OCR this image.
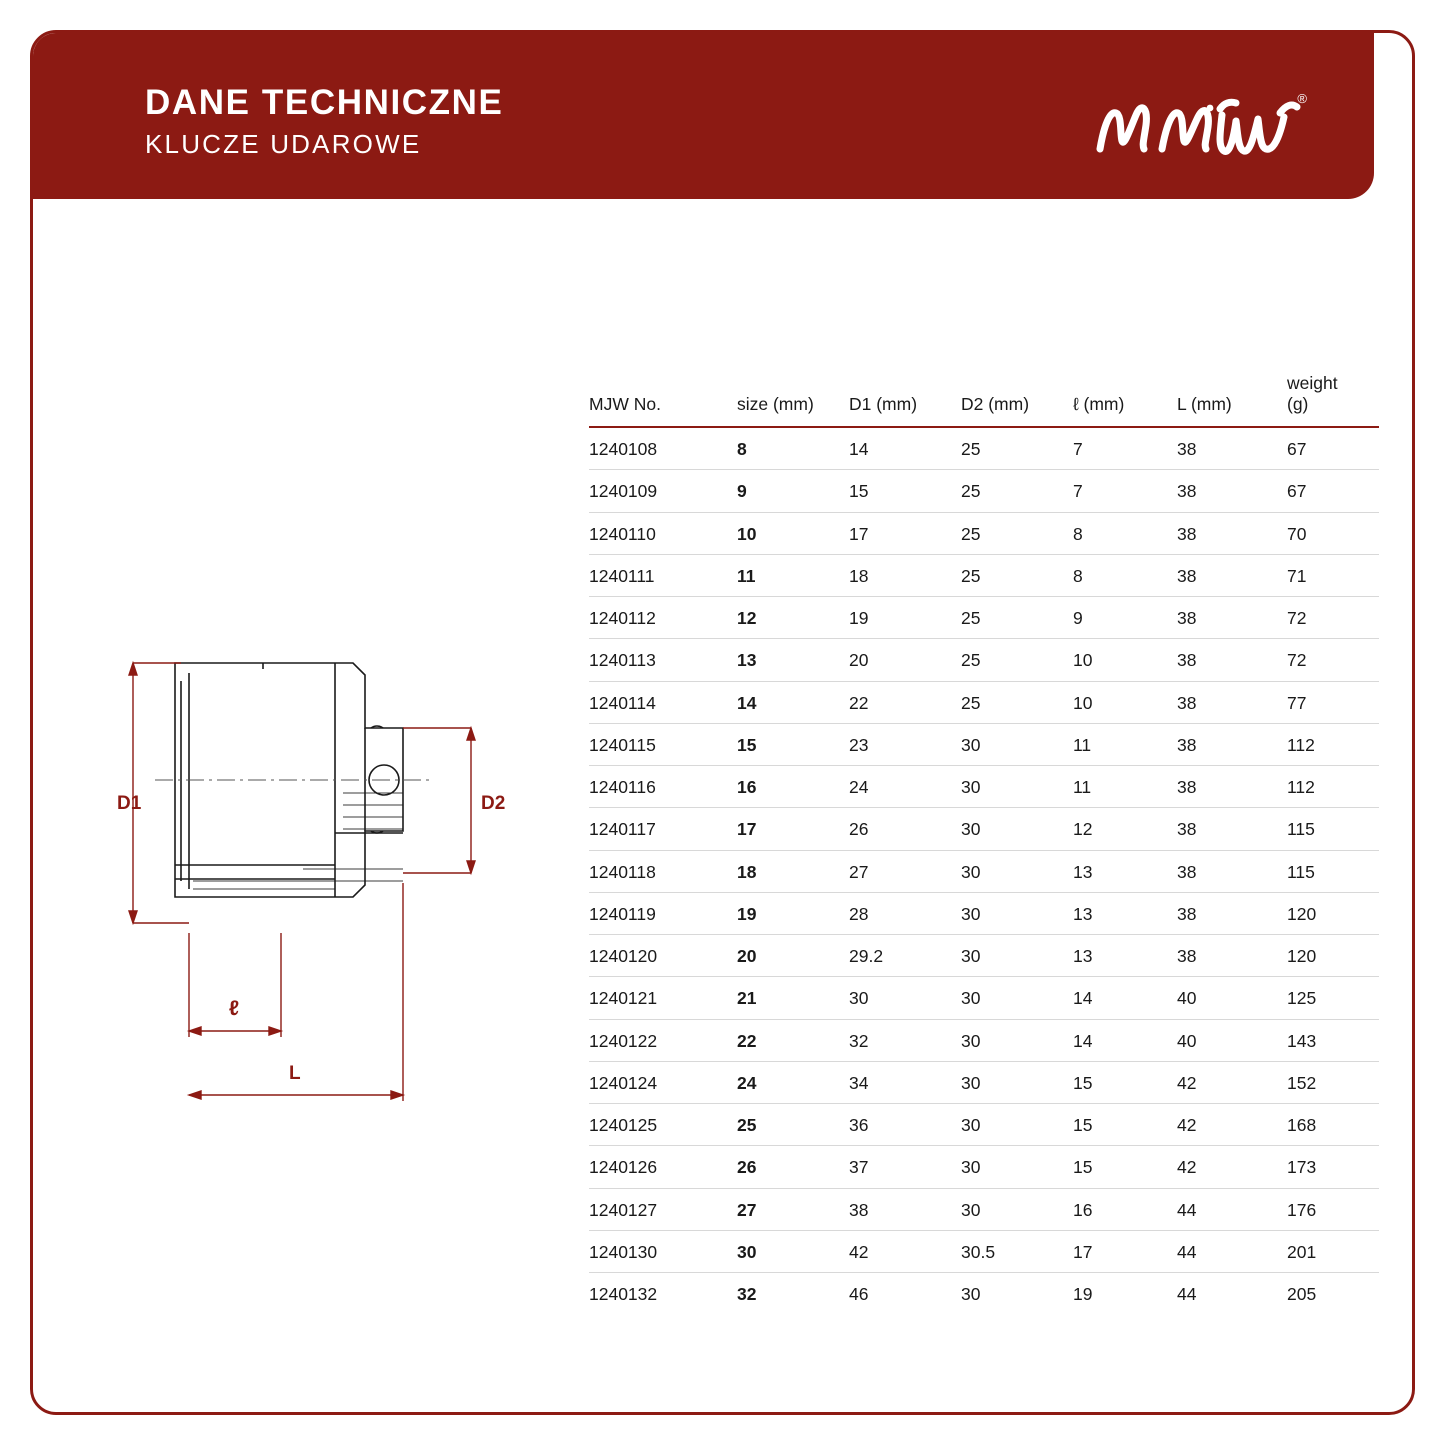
DANE TECHNICZNE
KLUCZE UDAROWE
®
D1	D2
ℓ
L
MJW No.	size (mm)	D1 (mm)	D2 (mm)	ℓ (mm)	L (mm)	weight (g)

1240108	8	14	25	7	38	67

1240109	9	15	25	7	38	67

1240110	10	17	25	8	38	70

1240111	11	18	25	8	38	71

1240112	12	19	25	9	38	72

1240113	13	20	25	10	38	72

1240114	14	22	25	10	38	77

1240115	15	23	30	11	38	112

1240116	16	24	30	11	38	112

1240117	17	26	30	12	38	115

1240118	18	27	30	13	38	115

1240119	19	28	30	13	38	120

1240120	20	29.2	30	13	38	120

1240121	21	30	30	14	40	125

1240122	22	32	30	14	40	143

1240124	24	34	30	15	42	152

1240125	25	36	30	15	42	168

1240126	26	37	30	15	42	173

1240127	27	38	30	16	44	176

1240130	30	42	30.5	17	44	201

1240132	32	46	30	19	44	205
